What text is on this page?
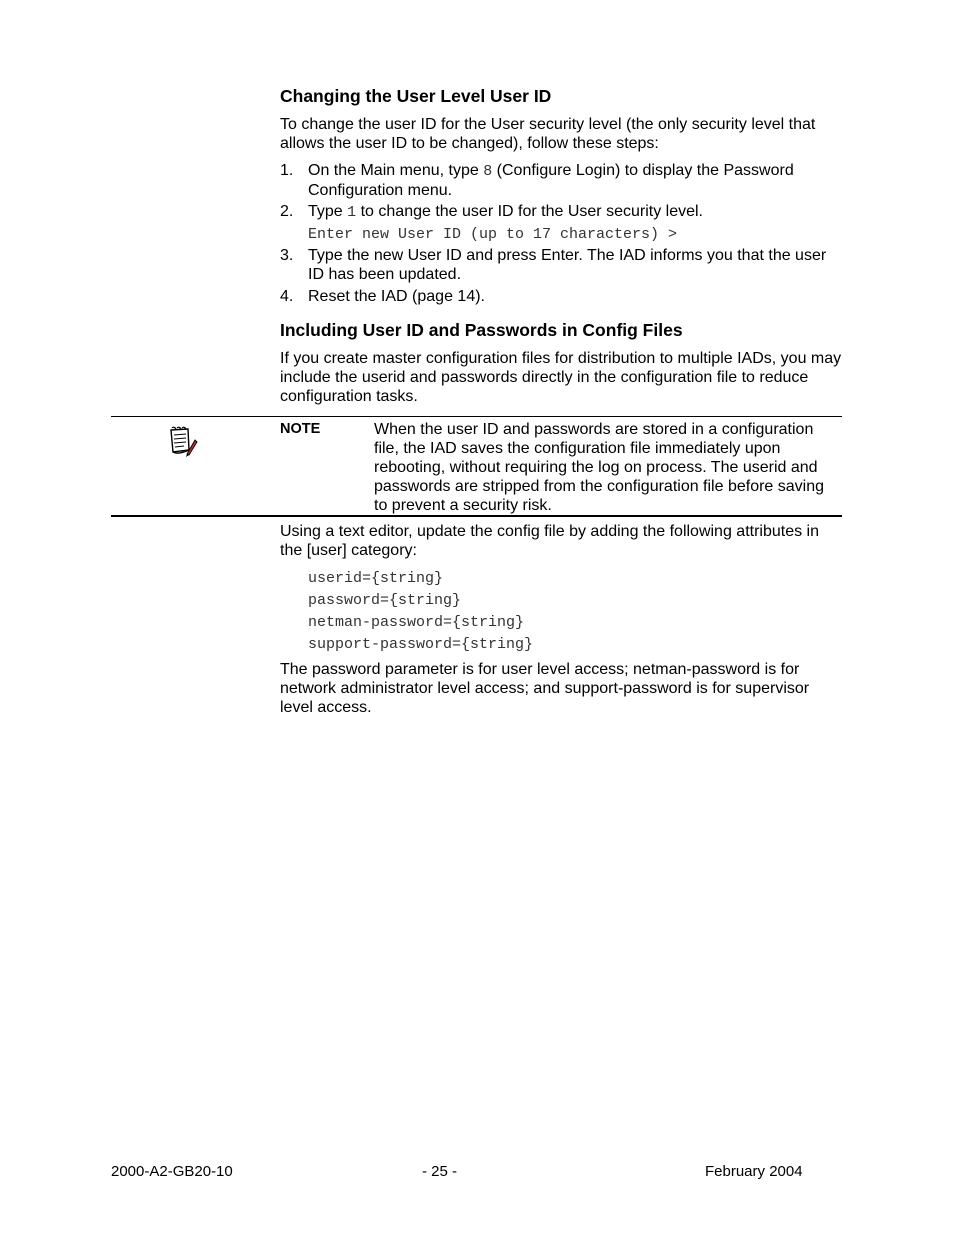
Changing the User Level User ID

To change the user ID for the User security level (the only security level that allows the user ID to be changed), follow these steps:

1. On the Main menu, type 8 (Configure Login) to display the Password Configuration menu.
2. Type 1 to change the user ID for the User security level.
Enter new User ID (up to 17 characters) >
3. Type the new User ID and press Enter. The IAD informs you that the user ID has been updated.
4. Reset the IAD (page 14).
Including User ID and Passwords in Config Files

If you create master configuration files for distribution to multiple IADs, you may include the userid and passwords directly in the configuration file to reduce configuration tasks.

NOTE	When the user ID and passwords are stored in a configuration file, the IAD saves the configuration file immediately upon rebooting, without requiring the log on process. The userid and passwords are stripped from the configuration file before saving to prevent a security risk.

Using a text editor, update the config file by adding the following attributes in the [user] category:

userid={string}
password={string}
netman-password={string}
support-password={string}

The password parameter is for user level access; netman-password is for network administrator level access; and support-password is for supervisor level access.

2000-A2-GB20-10	- 25 -	February 2004
